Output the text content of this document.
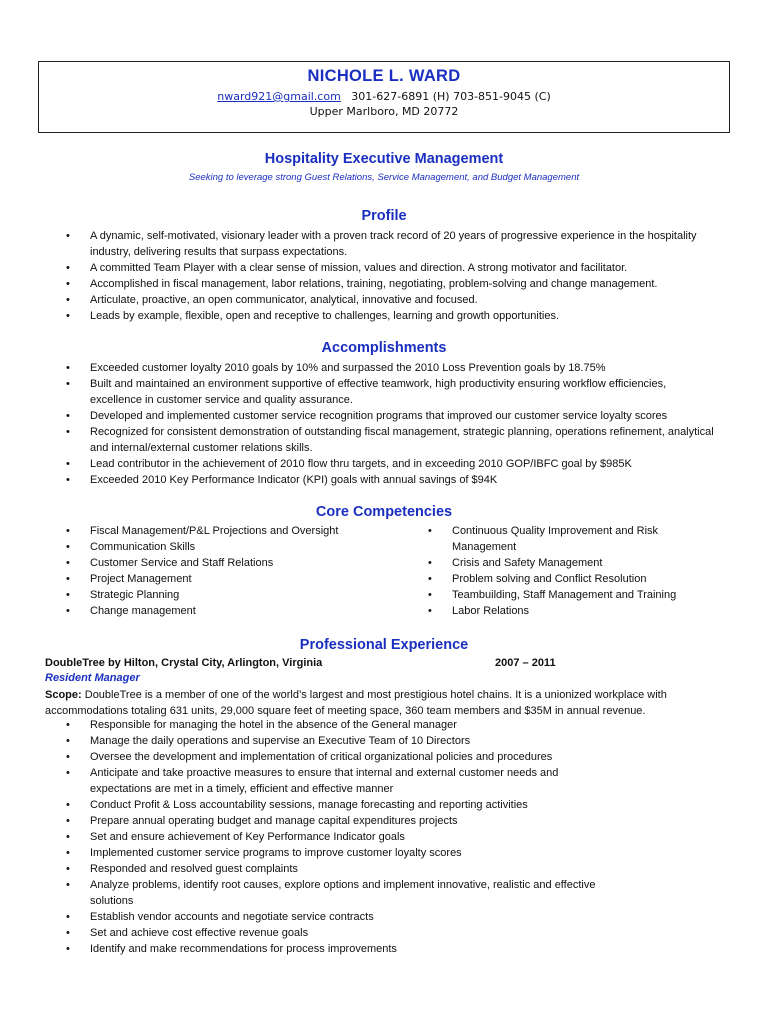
NICHOLE L. WARD
nward921@gmail.com 301-627-6891 (H) 703-851-9045 (C)
Upper Marlboro, MD 20772
Hospitality Executive Management
Seeking to leverage strong Guest Relations, Service Management, and Budget Management
Profile
• A dynamic, self-motivated, visionary leader with a proven track record of 20 years of progressive experience in the hospitality industry, delivering results that surpass expectations.
• A committed Team Player with a clear sense of mission, values and direction. A strong motivator and facilitator.
• Accomplished in fiscal management, labor relations, training, negotiating, problem-solving and change management.
• Articulate, proactive, an open communicator, analytical, innovative and focused.
• Leads by example, flexible, open and receptive to challenges, learning and growth opportunities.
Accomplishments
• Exceeded customer loyalty 2010 goals by 10% and surpassed the 2010 Loss Prevention goals by 18.75%
• Built and maintained an environment supportive of effective teamwork, high productivity ensuring workflow efficiencies, excellence in customer service and quality assurance.
• Developed and implemented customer service recognition programs that improved our customer service loyalty scores
• Recognized for consistent demonstration of outstanding fiscal management, strategic planning, operations refinement, analytical and internal/external customer relations skills.
• Lead contributor in the achievement of 2010 flow thru targets, and in exceeding 2010 GOP/IBFC goal by $985K
• Exceeded 2010 Key Performance Indicator (KPI) goals with annual savings of $94K
Core Competencies
• Fiscal Management/P&L Projections and Oversight
• Communication Skills
• Customer Service and Staff Relations
• Project Management
• Strategic Planning
• Change management
• Continuous Quality Improvement and Risk Management
• Crisis and Safety Management
• Problem solving and Conflict Resolution
• Teambuilding, Staff Management and Training
• Labor Relations
Professional Experience
DoubleTree by Hilton, Crystal City, Arlington, Virginia	2007 – 2011
Resident Manager
Scope: DoubleTree is a member of one of the world’s largest and most prestigious hotel chains. It is a unionized workplace with accommodations totaling 631 units, 29,000 square feet of meeting space, 360 team members and $35M in annual revenue.
• Responsible for managing the hotel in the absence of the General manager
• Manage the daily operations and supervise an Executive Team of 10 Directors
• Oversee the development and implementation of critical organizational policies and procedures
• Anticipate and take proactive measures to ensure that internal and external customer needs and expectations are met in a timely, efficient and effective manner
• Conduct Profit & Loss accountability sessions, manage forecasting and reporting activities
• Prepare annual operating budget and manage capital expenditures projects
• Set and ensure achievement of Key Performance Indicator goals
• Implemented customer service programs to improve customer loyalty scores
• Responded and resolved guest complaints
• Analyze problems, identify root causes, explore options and implement innovative, realistic and effective solutions
• Establish vendor accounts and negotiate service contracts
• Set and achieve cost effective revenue goals
• Identify and make recommendations for process improvements
